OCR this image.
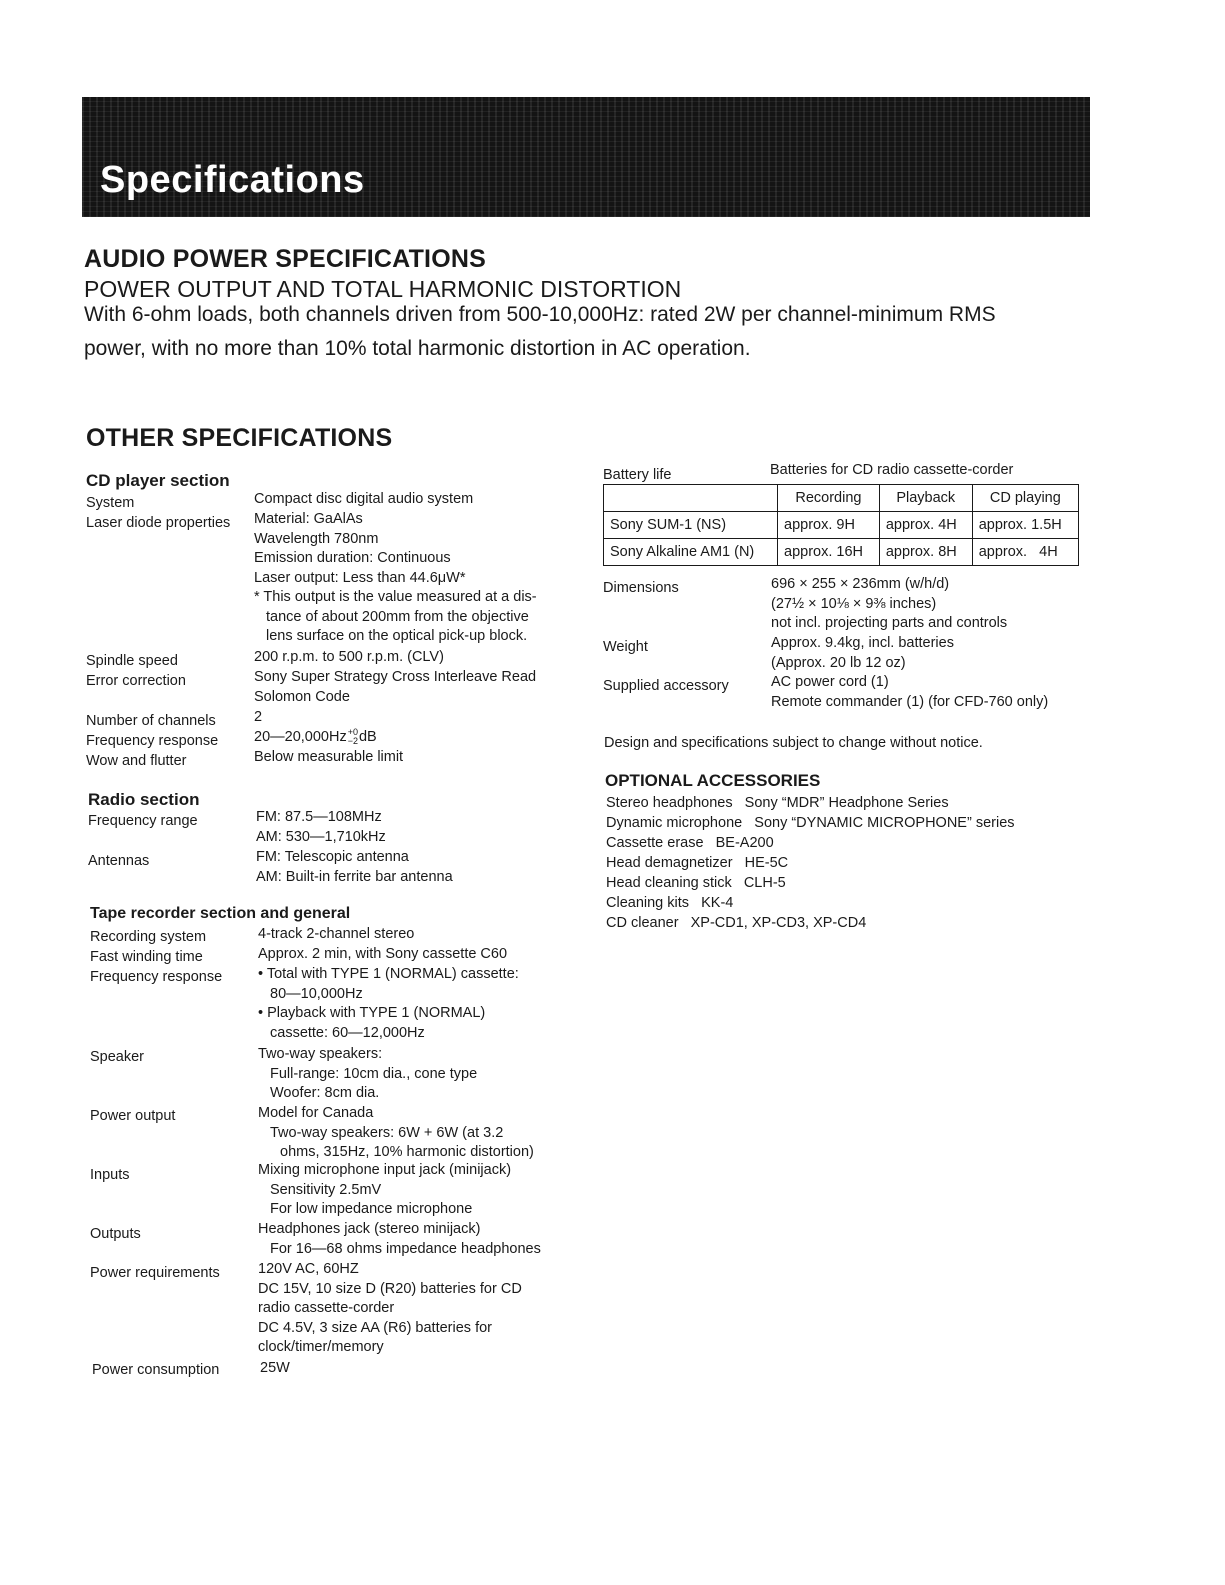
Specifications
AUDIO POWER SPECIFICATIONS
POWER OUTPUT AND TOTAL HARMONIC DISTORTION
With 6-ohm loads, both channels driven from 500-10,000Hz: rated 2W per channel-minimum RMS
power, with no more than 10% total harmonic distortion in AC operation.
OTHER SPECIFICATIONS
CD player section
System	Compact disc digital audio system
Laser diode properties Material: GaAlAs
Wavelength 780nm
Emission duration: Continuous
Laser output: Less than 44.6μW*
* This output is the value measured at a dis-
tance of about 200mm from the objective
lens surface on the optical pick-up block.
Spindle speed	200 r.p.m. to 500 r.p.m. (CLV)
Error correction	Sony Super Strategy Cross Interleave Read
Solomon Code
Number of channels	2
Frequency response 20—20,000Hz +0
−2 dB
Wow and flutter	Below measurable limit
Radio section
Frequency range	FM: 87.5—108MHz
AM: 530—1,710kHz
Antennas	FM: Telescopic antenna
AM: Built-in ferrite bar antenna
Tape recorder section and general
Recording system	4-track 2-channel stereo
Fast winding time	Approx. 2 min, with Sony cassette C60
Frequency response • Total with TYPE 1 (NORMAL) cassette:
80—10,000Hz
• Playback with TYPE 1 (NORMAL)
cassette: 60—12,000Hz
Speaker	Two-way speakers:
Full-range: 10cm dia., cone type
Woofer: 8cm dia.
Power output	Model for Canada
Two-way speakers: 6W + 6W (at 3.2
ohms, 315Hz, 10% harmonic distortion)
Inputs	Mixing microphone input jack (minijack)
Sensitivity 2.5mV
For low impedance microphone
Outputs	Headphones jack (stereo minijack)
For 16—68 ohms impedance headphones
Power requirements	120V AC, 60HZ
DC 15V, 10 size D (R20) batteries for CD
radio cassette-corder
DC 4.5V, 3 size AA (R6) batteries for
clock/timer/memory
Power consumption	25W
Battery life	Batteries for CD radio cassette-corder
	Recording	Playback	CD playing
Sony SUM-1 (NS)	approx. 9H	approx. 4H	approx. 1.5H
Sony Alkaline AM1 (N)	approx. 16H	approx. 8H	approx.   4H
Dimensions	696 × 255 × 236mm (w/h/d)
(27½ × 10⅛ × 9⅜ inches)
not incl. projecting parts and controls
Weight	Approx. 9.4kg, incl. batteries
(Approx. 20 lb 12 oz)
Supplied accessory	AC power cord (1)
Remote commander (1) (for CFD-760 only)
Design and specifications subject to change without notice.
OPTIONAL ACCESSORIES
Stereo headphones   Sony “MDR” Headphone Series
Dynamic microphone   Sony “DYNAMIC MICROPHONE” series
Cassette erase   BE-A200
Head demagnetizer   HE-5C
Head cleaning stick   CLH-5
Cleaning kits   KK-4
CD cleaner   XP-CD1, XP-CD3, XP-CD4
